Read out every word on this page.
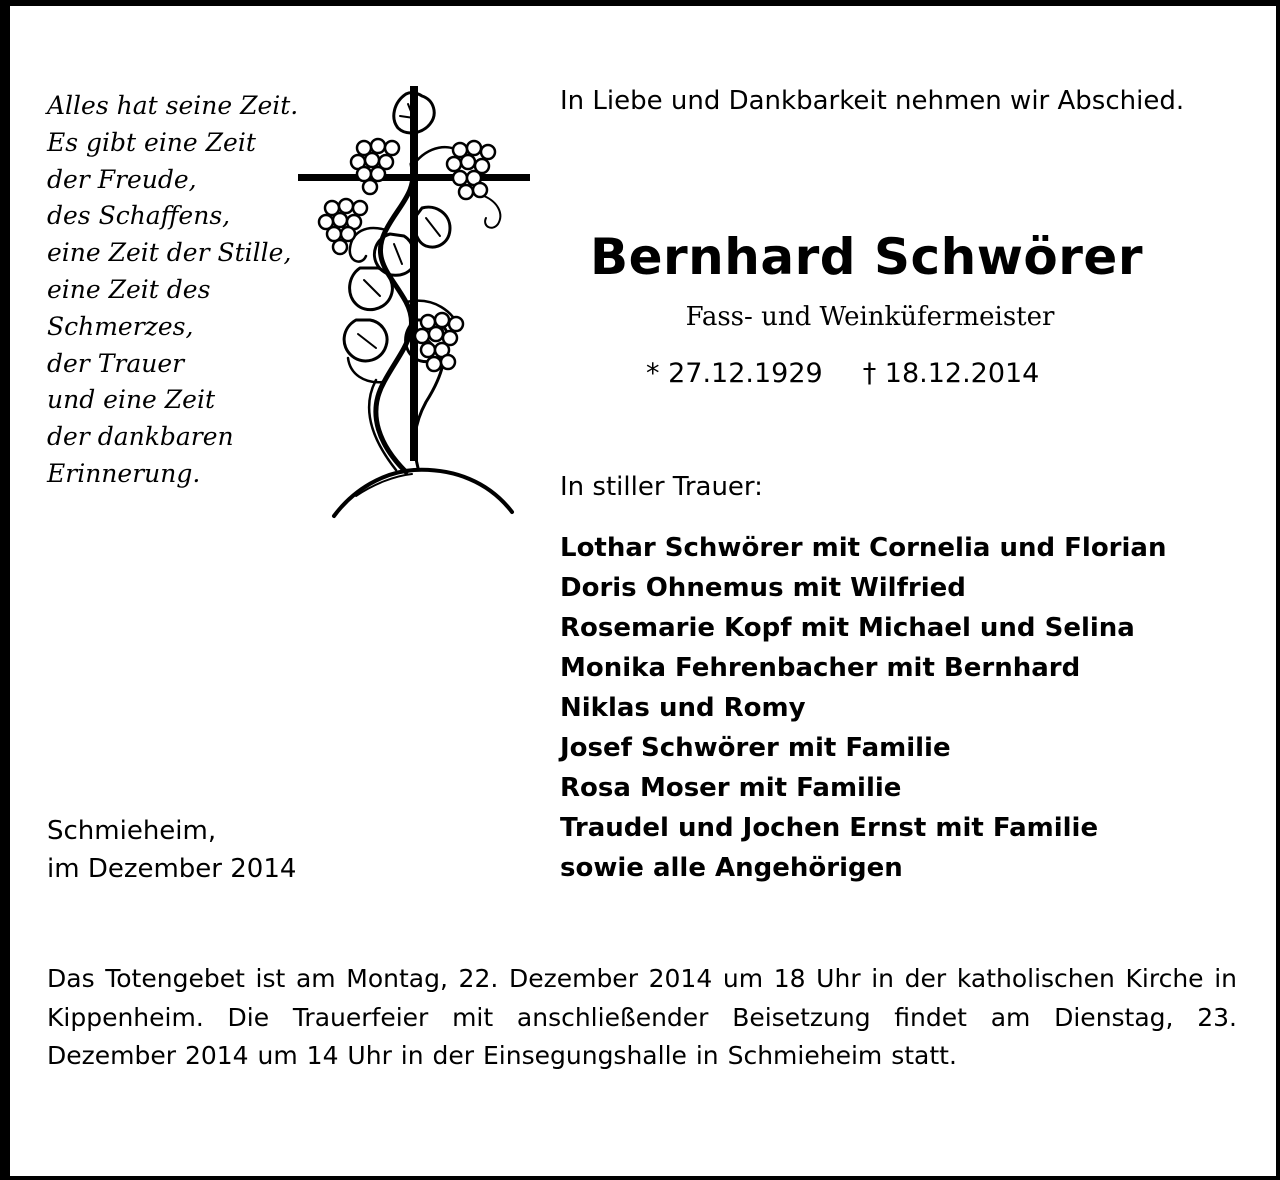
Alles hat seine Zeit.
Es gibt eine Zeit
der Freude,
des Schaffens,
eine Zeit der Stille,
eine Zeit des
Schmerzes,
der Trauer
und eine Zeit
der dankbaren
Erinnerung.
In Liebe und Dankbarkeit nehmen wir Abschied.
Bernhard Schwörer
Fass- und Weinküfermeister
* 27.12.1929 † 18.12.2014
In stiller Trauer:
Lothar Schwörer mit Cornelia und Florian
Doris Ohnemus mit Wilfried
Rosemarie Kopf mit Michael und Selina
Monika Fehrenbacher mit Bernhard
Niklas und Romy
Josef Schwörer mit Familie
Rosa Moser mit Familie
Traudel und Jochen Ernst mit Familie
sowie alle Angehörigen
Schmieheim,
im Dezember 2014

Das Totengebet ist am Montag, 22. Dezember 2014 um 18 Uhr in der katholischen Kirche in Kippenheim. Die Trauerfeier mit anschließender Beisetzung findet am Dienstag, 23. Dezember 2014 um 14 Uhr in der Einsegungshalle in Schmieheim statt.
